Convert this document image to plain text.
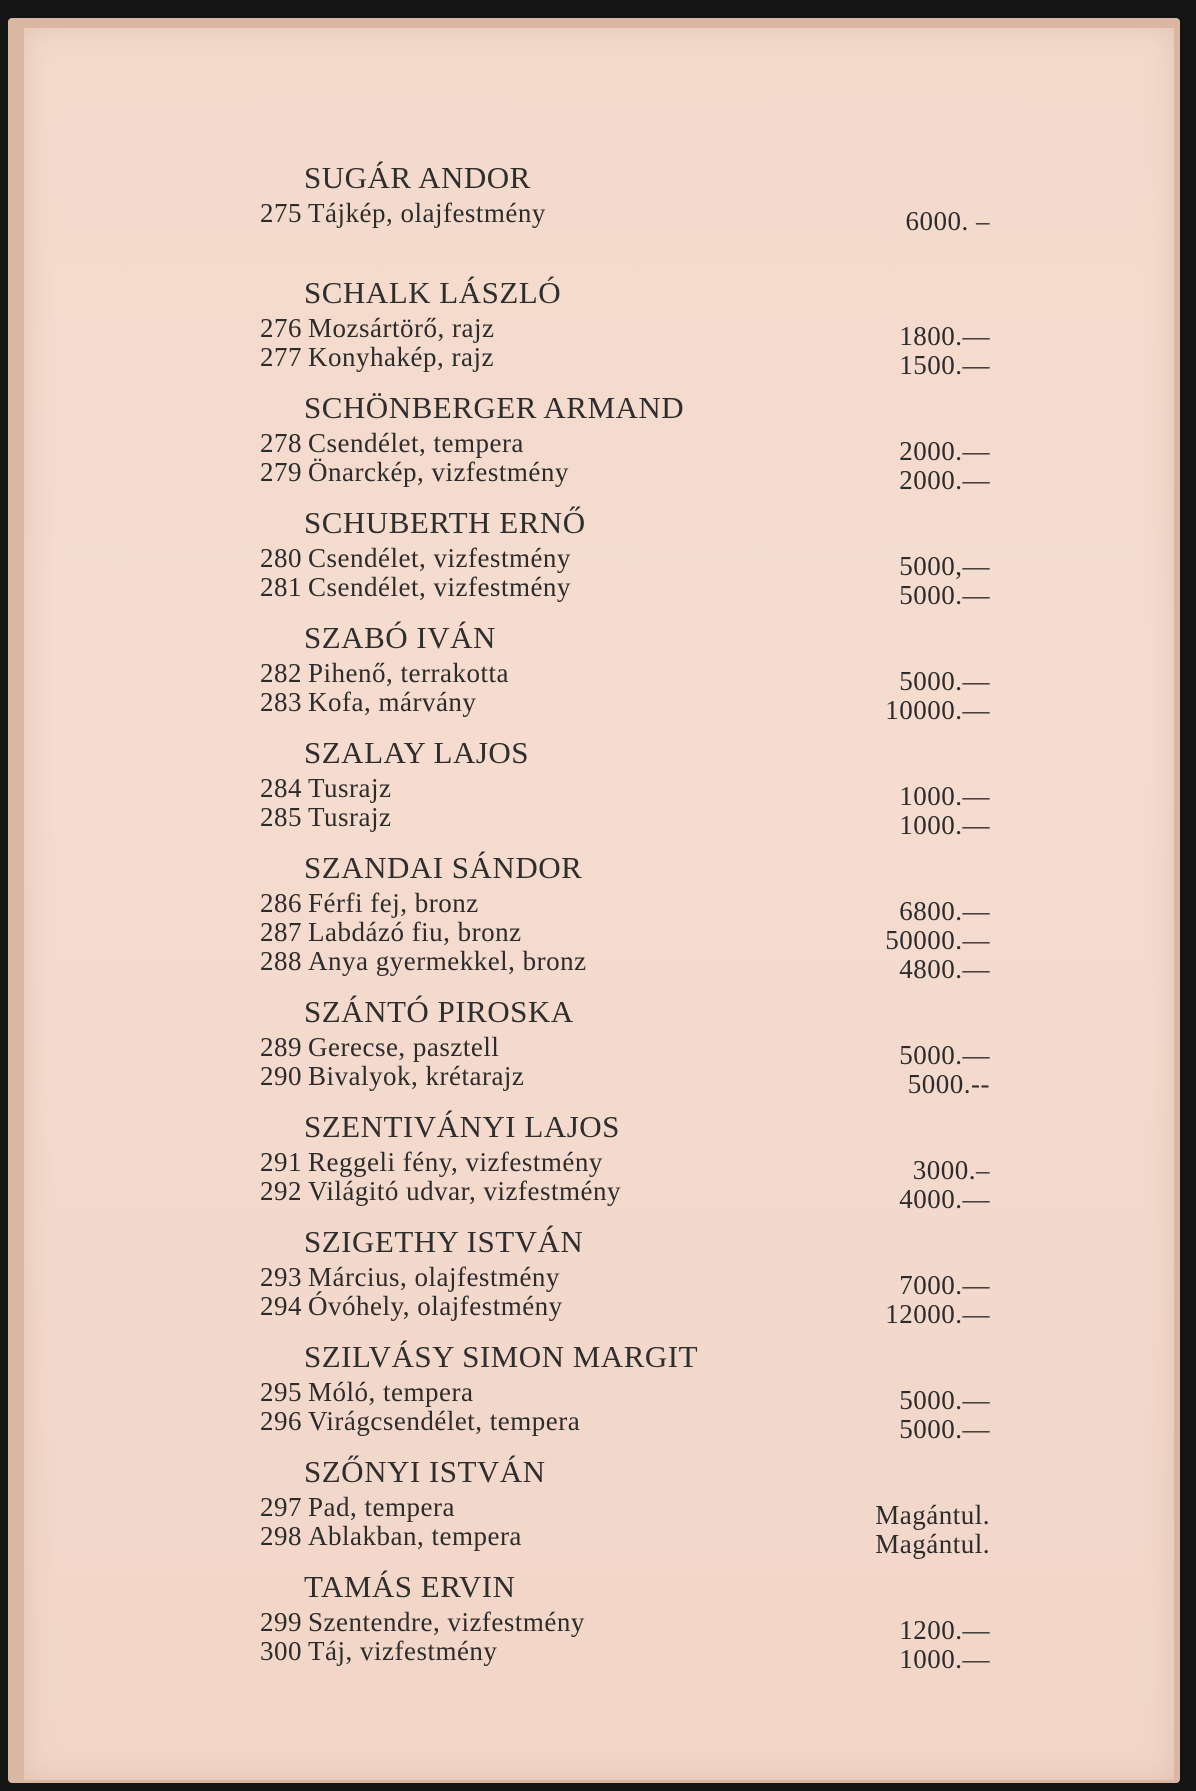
SUGÁR ANDOR
275 Tájkép, olajfestmény	6000. –
SCHALK LÁSZLÓ
276 Mozsártörő, rajz	1800.—
277 Konyhakép, rajz	1500.—
SCHÖNBERGER ARMAND
278 Csendélet, tempera	2000.—
279 Önarckép, vizfestmény	2000.—
SCHUBERTH ERNŐ
280 Csendélet, vizfestmény	5000,—
281 Csendélet, vizfestmény	5000.—
SZABÓ IVÁN
282 Pihenő, terrakotta	5000.—
283 Kofa, márvány	10000.—
SZALAY LAJOS
284 Tusrajz	1000.—
285 Tusrajz	1000.—
SZANDAI SÁNDOR
286 Férfi fej, bronz	6800.—
287 Labdázó fiu, bronz	50000.—
288 Anya gyermekkel, bronz	4800.—
SZÁNTÓ PIROSKA
289 Gerecse, pasztell	5000.—
290 Bivalyok, krétarajz	5000.--
SZENTIVÁNYI LAJOS
291 Reggeli fény, vizfestmény	3000.–
292 Világitó udvar, vizfestmény	4000.—
SZIGETHY ISTVÁN
293 Március, olajfestmény	7000.—
294 Óvóhely, olajfestmény	12000.—
SZILVÁSY SIMON MARGIT
295 Móló, tempera	5000.—
296 Virágcsendélet, tempera	5000.—
SZŐNYI ISTVÁN
297 Pad, tempera	Magántul.
298 Ablakban, tempera	Magántul.
TAMÁS ERVIN
299 Szentendre, vizfestmény	1200.—
300 Táj, vizfestmény	1000.—
